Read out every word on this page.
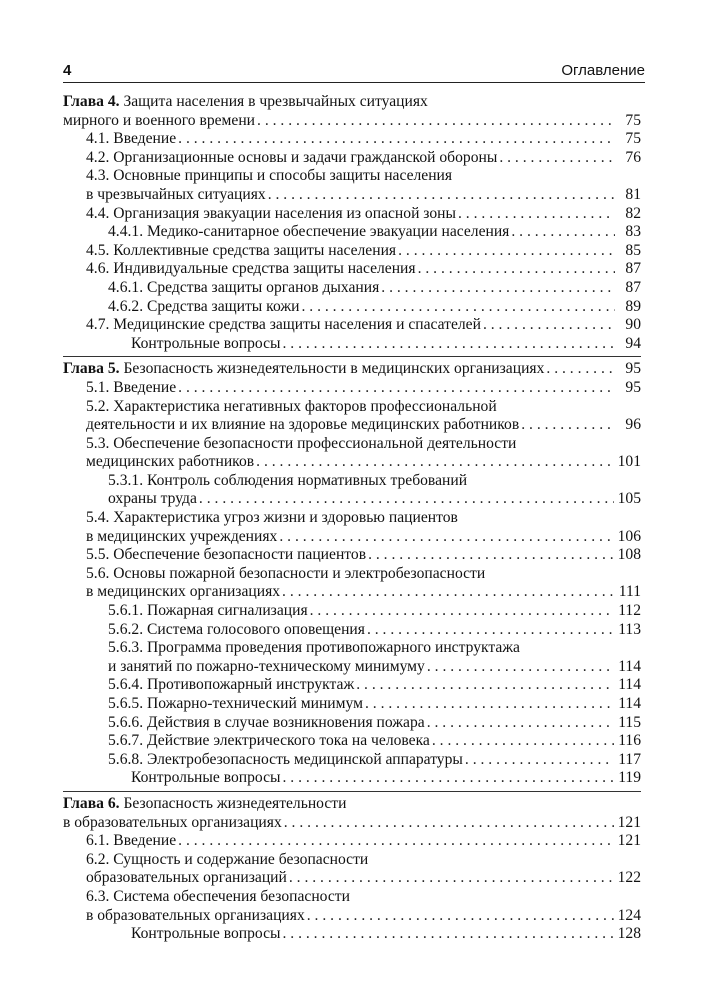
4	Оглавление
Глава 4. Защита населения в чрезвычайных ситуациях
мирного и военного времени . . .	75
4.1. Введение . . .	75
4.2. Организационные основы и задачи гражданской обороны . . .	76
4.3. Основные принципы и способы защиты населения
в чрезвычайных ситуациях . . .	81
4.4. Организация эвакуации населения из опасной зоны . . .	82
4.4.1. Медико-санитарное обеспечение эвакуации населения . . .	83
4.5. Коллективные средства защиты населения . . .	85
4.6. Индивидуальные средства защиты населения . . .	87
4.6.1. Средства защиты органов дыхания . . .	87
4.6.2. Средства защиты кожи . . .	89
4.7. Медицинские средства защиты населения и спасателей . . .	90
Контрольные вопросы . . .	94
Глава 5. Безопасность жизнедеятельности в медицинских организациях . . .	95
5.1. Введение . . .	95
5.2. Характеристика негативных факторов профессиональной
деятельности и их влияние на здоровье медицинских работников . . .	96
5.3. Обеспечение безопасности профессиональной деятельности
медицинских работников . . .	101
5.3.1. Контроль соблюдения нормативных требований
охраны труда . . .	105
5.4. Характеристика угроз жизни и здоровью пациентов
в медицинских учреждениях . . .	106
5.5. Обеспечение безопасности пациентов . . .	108
5.6. Основы пожарной безопасности и электробезопасности
в медицинских организациях . . .	111
5.6.1. Пожарная сигнализация . . .	112
5.6.2. Система голосового оповещения . . .	113
5.6.3. Программа проведения противопожарного инструктажа
и занятий по пожарно-техническому минимуму . . .	114
5.6.4. Противопожарный инструктаж . . .	114
5.6.5. Пожарно-технический минимум . . .	114
5.6.6. Действия в случае возникновения пожара . . .	115
5.6.7. Действие электрического тока на человека . . .	116
5.6.8. Электробезопасность медицинской аппаратуры . . .	117
Контрольные вопросы . . .	119
Глава 6. Безопасность жизнедеятельности
в образовательных организациях . . .	121
6.1. Введение . . .	121
6.2. Сущность и содержание безопасности
образовательных организаций . . .	122
6.3. Система обеспечения безопасности
в образовательных организациях . . .	124
Контрольные вопросы . . .	128
